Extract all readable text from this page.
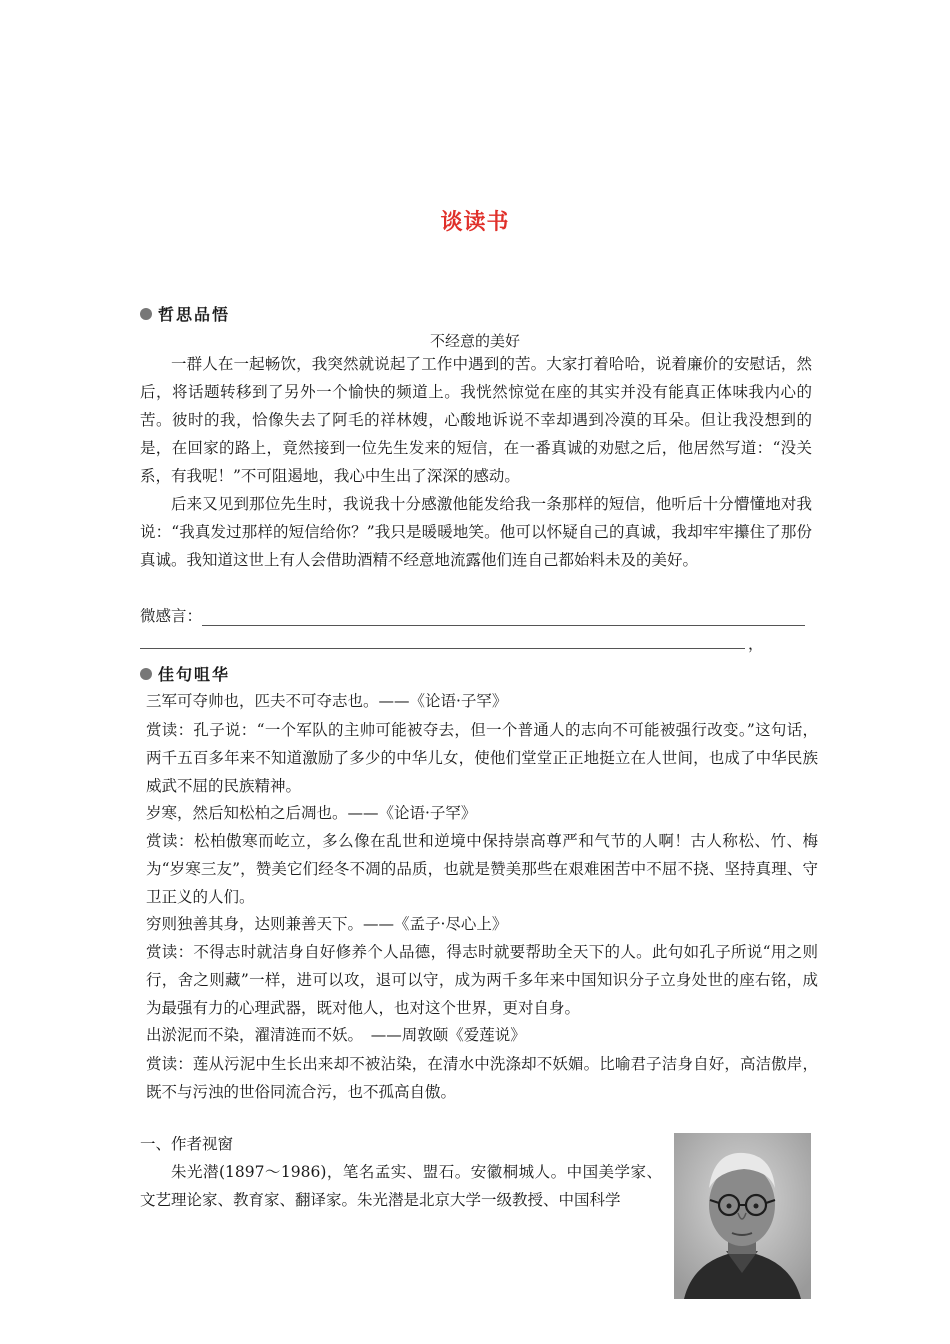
谈读书
哲思品悟
不经意的美好
一群人在一起畅饮，我突然就说起了工作中遇到的苦。大家打着哈哈，说着廉价的安慰话，然后，将话题转移到了另外一个愉快的频道上。我恍然惊觉在座的其实并没有能真正体味我内心的苦。彼时的我，恰像失去了阿毛的祥林嫂，心酸地诉说不幸却遇到冷漠的耳朵。但让我没想到的是，在回家的路上，竟然接到一位先生发来的短信，在一番真诚的劝慰之后，他居然写道：“没关系，有我呢！”不可阻遏地，我心中生出了深深的感动。
后来又见到那位先生时，我说我十分感激他能发给我一条那样的短信，他听后十分懵懂地对我说：“我真发过那样的短信给你？”我只是暖暖地笑。他可以怀疑自己的真诚，我却牢牢攥住了那份真诚。我知道这世上有人会借助酒精不经意地流露他们连自己都始料未及的美好。
微感言：
，
佳句咀华
三军可夺帅也，匹夫不可夺志也。——《论语·子罕》
赏读：孔子说：“一个军队的主帅可能被夺去，但一个普通人的志向不可能被强行改变。”这句话，两千五百多年来不知道激励了多少的中华儿女，使他们堂堂正正地挺立在人世间，也成了中华民族威武不屈的民族精神。
岁寒，然后知松柏之后凋也。——《论语·子罕》
赏读：松柏傲寒而屹立，多么像在乱世和逆境中保持崇高尊严和气节的人啊！古人称松、竹、梅为“岁寒三友”，赞美它们经冬不凋的品质，也就是赞美那些在艰难困苦中不屈不挠、坚持真理、守卫正义的人们。
穷则独善其身，达则兼善天下。——《孟子·尽心上》
赏读：不得志时就洁身自好修养个人品德，得志时就要帮助全天下的人。此句如孔子所说“用之则行，舍之则藏”一样，进可以攻，退可以守，成为两千多年来中国知识分子立身处世的座右铭，成为最强有力的心理武器，既对他人，也对这个世界，更对自身。
出淤泥而不染，濯清涟而不妖。　——周敦颐《爱莲说》
赏读：莲从污泥中生长出来却不被沾染，在清水中洗涤却不妖媚。比喻君子洁身自好，高洁傲岸，既不与污浊的世俗同流合污，也不孤高自傲。
一、作者视窗
朱光潜(1897～1986)，笔名孟实、盟石。安徽桐城人。中国美学家、文艺理论家、教育家、翻译家。朱光潜是北京大学一级教授、中国科学
